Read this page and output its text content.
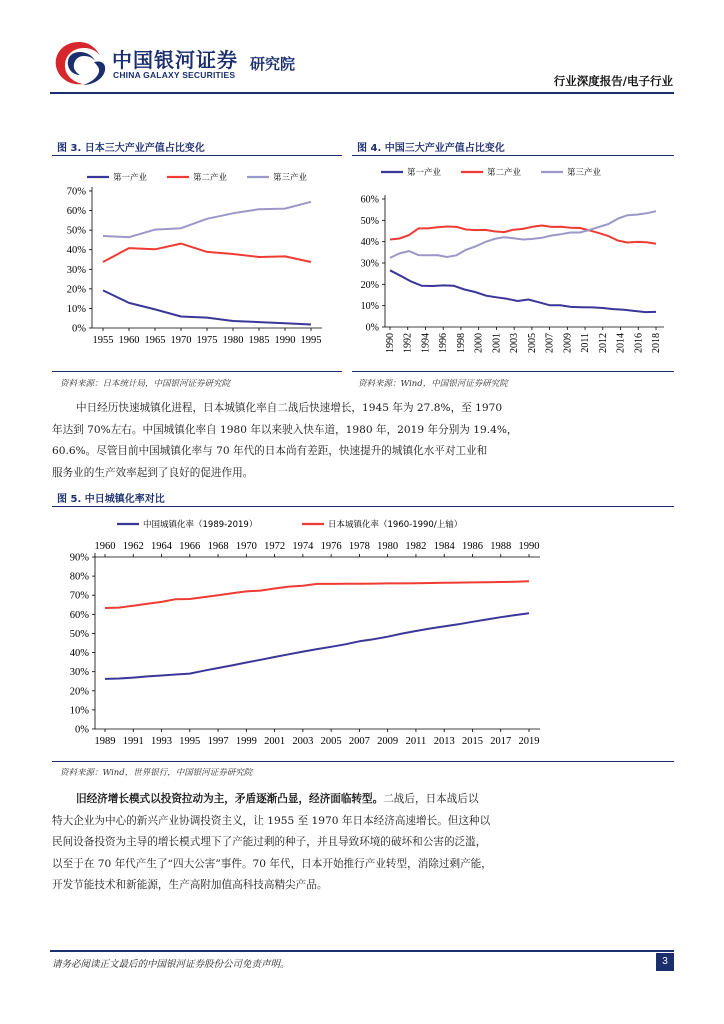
中国银河证券
CHINA GALAXY SECURITIES
研究院
行业深度报告/电子行业
图 3. 日本三大产业产值占比变化
第一产业	第二产业	第三产业
0%
10%
20%
30%
40%
50%
60%
70%
1955 1960 1965 1970 1975 1980 1985 1990 1995
资料来源：日本统计局，中国银河证券研究院
图 4. 中国三大产业产值占比变化
第一产业	第二产业	第三产业
0%
10%
20%
30%
40%
50%
60%
1990 1992 1994 1996 1998 2000 2001 2003 2005 2007 2009 2011 2012 2014 2016 2018
资料来源：Wind，中国银河证券研究院
中日经历快速城镇化进程，日本城镇化率自二战后快速增长，1945 年为 27.8%，至 1970
年达到 70%左右。中国城镇化率自 1980 年以来驶入快车道，1980 年，2019 年分别为 19.4%，
60.6%。尽管目前中国城镇化率与 70 年代的日本尚有差距，快速提升的城镇化水平对工业和
服务业的生产效率起到了良好的促进作用。
图 5. 中日城镇化率对比
中国城镇化率（1989-2019）	日本城镇化率（1960-1990/上轴）
0%
10%
20%
30%
40%
50%
60%
70%
80%
90%
1989 1991 1993 1995 1997 1999 2001 2003 2005 2007 2009 2011 2013 2015 2017 2019
1960 1962 1964 1966 1968 1970 1972 1974 1976 1978 1980 1982 1984 1986 1988 1990
资料来源：Wind，世界银行，中国银河证券研究院
旧经济增长模式以投资拉动为主，矛盾逐渐凸显，经济面临转型。二战后，日本战后以
特大企业为中心的新兴产业协调投资主义，让 1955 至 1970 年日本经济高速增长。但这种以
民间设备投资为主导的增长模式埋下了产能过剩的种子，并且导致环境的破坏和公害的泛滥，
以至于在 70 年代产生了“四大公害”事件。70 年代，日本开始推行产业转型，消除过剩产能，
开发节能技术和新能源，生产高附加值高科技高精尖产品。
请务必阅读正文最后的中国银河证券股份公司免责声明。	3
